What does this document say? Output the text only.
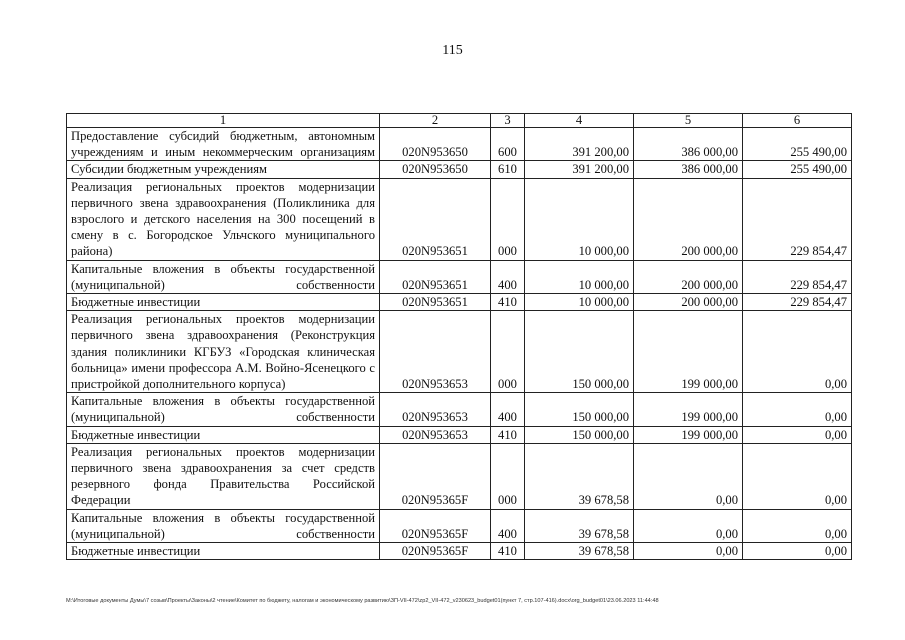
115
1	2	3	4	5	6
Предоставление субсидий бюджетным, автономным учреждениям и иным некоммерческим организациям	020N953650	600	391 200,00	386 000,00	255 490,00
Субсидии бюджетным учреждениям	020N953650	610	391 200,00	386 000,00	255 490,00
Реализация региональных проектов модернизации первичного звена здравоохранения (Поликлиника для взрослого и детского населения на 300 посещений в смену в с. Богородское Ульчского муниципального района)	020N953651	000	10 000,00	200 000,00	229 854,47
Капитальные вложения в объекты государственной (муниципальной) собственности	020N953651	400	10 000,00	200 000,00	229 854,47
Бюджетные инвестиции	020N953651	410	10 000,00	200 000,00	229 854,47
Реализация региональных проектов модернизации первичного звена здравоохранения (Реконструкция здания поликлиники КГБУЗ «Городская клиническая больница» имени профессора А.М. Войно-Ясенецкого с пристройкой дополнительного корпуса)	020N953653	000	150 000,00	199 000,00	0,00
Капитальные вложения в объекты государственной (муниципальной) собственности	020N953653	400	150 000,00	199 000,00	0,00
Бюджетные инвестиции	020N953653	410	150 000,00	199 000,00	0,00
Реализация региональных проектов модернизации первичного звена здравоохранения за счет средств резервного фонда Правительства Российской Федерации	020N95365F	000	39 678,58	0,00	0,00
Капитальные вложения в объекты государственной (муниципальной) собственности	020N95365F	400	39 678,58	0,00	0,00
Бюджетные инвестиции	020N95365F	410	39 678,58	0,00	0,00
M:\Итоговые документы Думы\7 созыв\Проекты\Законы\2 чтение\Комитет по бюджету, налогам и экономическому развитию\ЗП-VII-472\zp2_VII-472_v230623_budget01(пункт 7, стр.107-416).docx\org_budget01\23.06.2023 11:44:48
